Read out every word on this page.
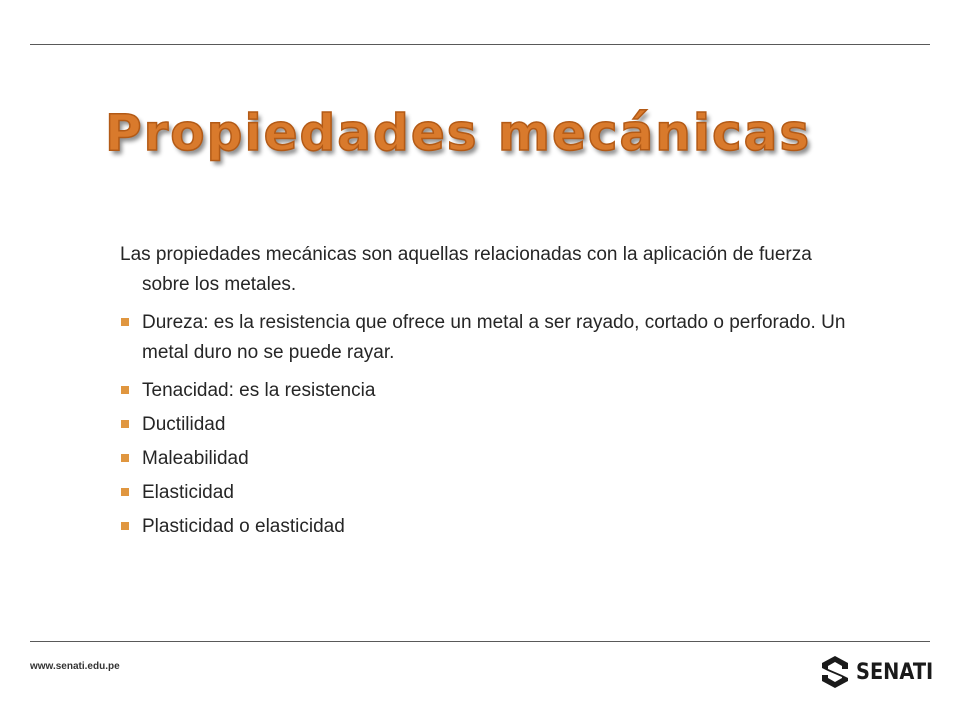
Propiedades mecánicas

Las propiedades mecánicas son aquellas relacionadas con la aplicación de fuerza sobre los metales.

Dureza: es la resistencia que ofrece un metal a ser rayado, cortado o perforado. Un metal duro no se puede rayar.
Tenacidad: es la resistencia
Ductilidad
Maleabilidad
Elasticidad
Plasticidad o elasticidad
www.senati.edu.pe	SENATI
